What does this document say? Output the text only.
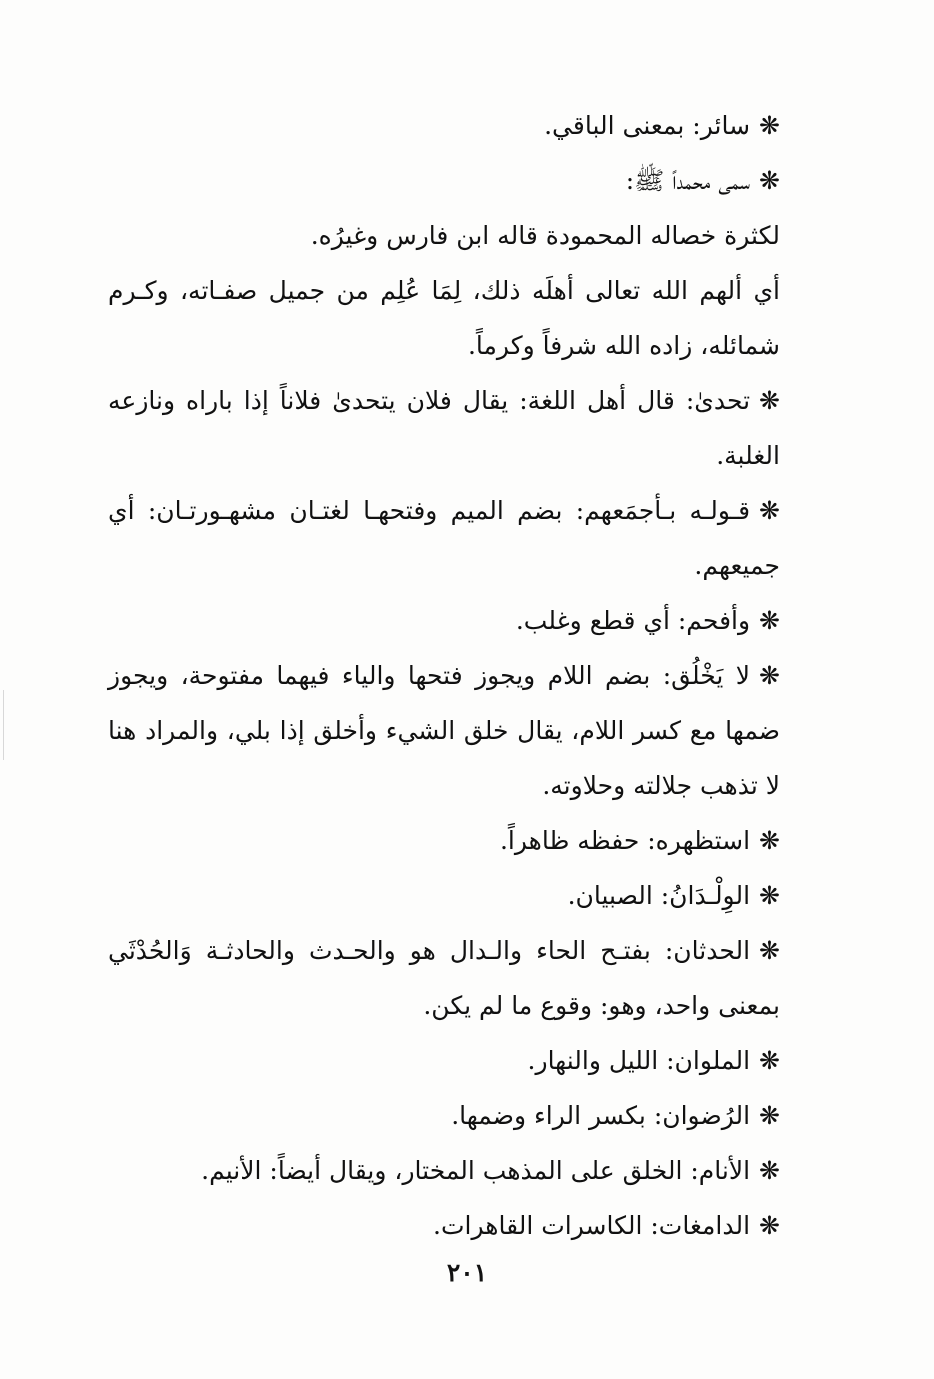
❋سائر: بمعنى الباقي.

❋سمى محمداً ﷺ:

لكثرة خصاله المحمودة قاله ابن فارس وغيرُه.

أي ألهم الله تعالى أهلَه ذلك، لِمَا عُلِم من جميل صفـاته، وكـرم شمائله، زاده الله شرفاً وكرماً.

❋تحدىٰ: قال أهل اللغة: يقال فلان يتحدىٰ فلاناً إذا باراه ونازعه الغلبة.

❋قـولـه بـأجمَعهم: بضم الميم وفتحهـا لغتـان مشهـورتـان: أي جميعهم.

❋وأفحم: أي قطع وغلب.

❋لا يَخْلُق: بضم اللام ويجوز فتحها والياء فيهما مفتوحة، ويجوز ضمها مع كسر اللام، يقال خلق الشيء وأخلق إذا بلي، والمراد هنا لا تذهب جلالته وحلاوته.

❋استظهره: حفظه ظاهراً.

❋الوِلْـدَانُ: الصبيان.

❋الحدثان: بفتـح الحاء والـدال هو والحـدث والحادثـة وَالحُدْثَي بمعنى واحد، وهو: وقوع ما لم يكن.

❋الملوان: الليل والنهار.

❋الرُضوان: بكسر الراء وضمها.

❋الأنام: الخلق على المذهب المختار، ويقال أيضاً: الأنيم.

❋الدامغات: الكاسرات القاهرات.

٢٠١
